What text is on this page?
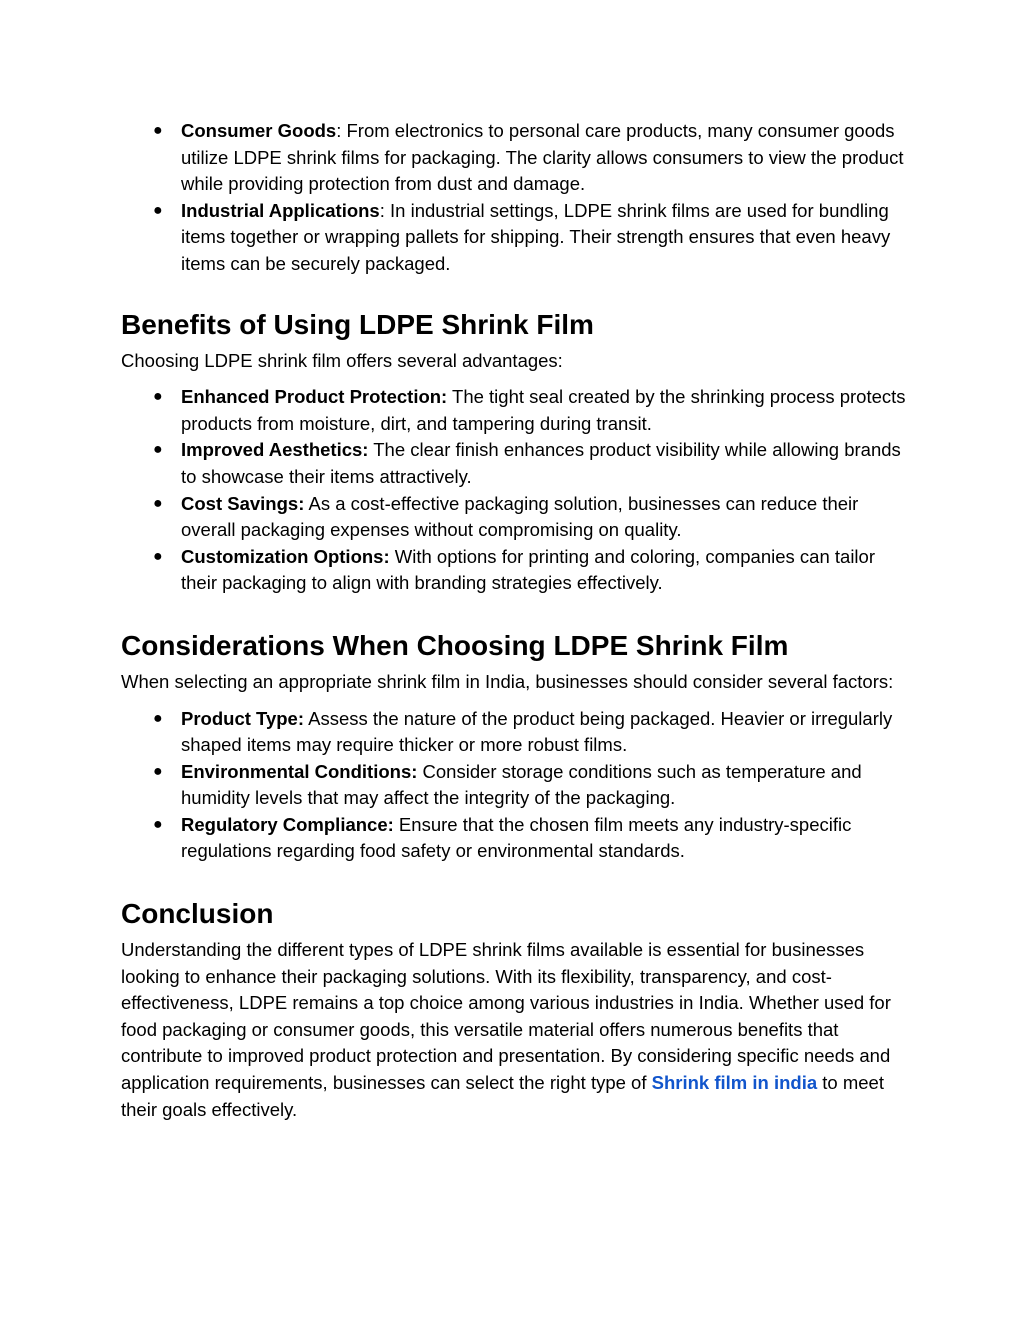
● Consumer Goods: From electronics to personal care products, many consumer goods utilize LDPE shrink films for packaging. The clarity allows consumers to view the product while providing protection from dust and damage.
● Industrial Applications: In industrial settings, LDPE shrink films are used for bundling items together or wrapping pallets for shipping. Their strength ensures that even heavy items can be securely packaged.
Benefits of Using LDPE Shrink Film

Choosing LDPE shrink film offers several advantages:

● Enhanced Product Protection: The tight seal created by the shrinking process protects products from moisture, dirt, and tampering during transit.
● Improved Aesthetics: The clear finish enhances product visibility while allowing brands to showcase their items attractively.
● Cost Savings: As a cost-effective packaging solution, businesses can reduce their overall packaging expenses without compromising on quality.
● Customization Options: With options for printing and coloring, companies can tailor their packaging to align with branding strategies effectively.
Considerations When Choosing LDPE Shrink Film

When selecting an appropriate shrink film in India, businesses should consider several factors:

● Product Type: Assess the nature of the product being packaged. Heavier or irregularly shaped items may require thicker or more robust films.
● Environmental Conditions: Consider storage conditions such as temperature and humidity levels that may affect the integrity of the packaging.
● Regulatory Compliance: Ensure that the chosen film meets any industry-specific regulations regarding food safety or environmental standards.
Conclusion

Understanding the different types of LDPE shrink films available is essential for businesses looking to enhance their packaging solutions. With its flexibility, transparency, and cost-effectiveness, LDPE remains a top choice among various industries in India. Whether used for food packaging or consumer goods, this versatile material offers numerous benefits that contribute to improved product protection and presentation. By considering specific needs and application requirements, businesses can select the right type of Shrink film in india to meet their goals effectively.
